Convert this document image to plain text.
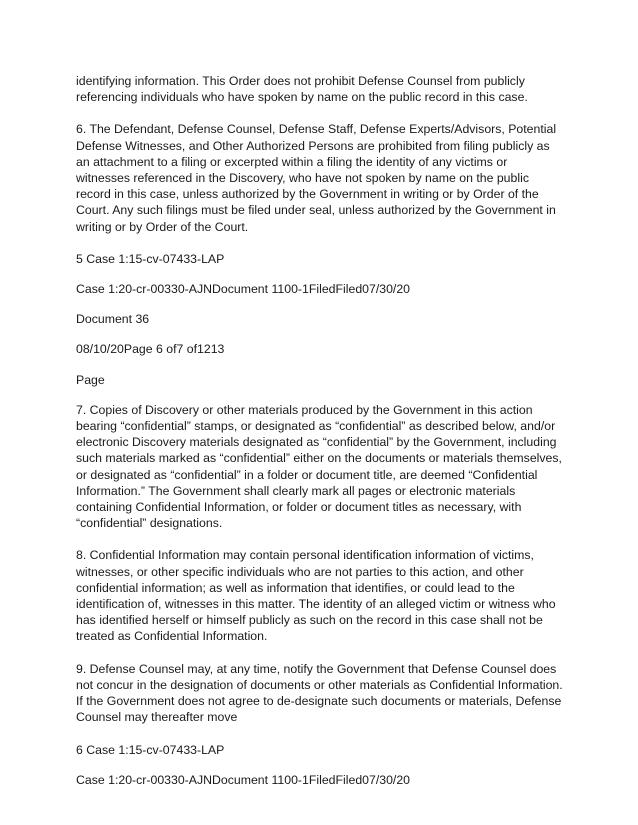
identifying information. This Order does not prohibit Defense Counsel from publicly referencing individuals who have spoken by name on the public record in this case.

6. The Defendant, Defense Counsel, Defense Staff, Defense Experts/Advisors, Potential Defense Witnesses, and Other Authorized Persons are prohibited from filing publicly as an attachment to a filing or excerpted within a filing the identity of any victims or witnesses referenced in the Discovery, who have not spoken by name on the public record in this case, unless authorized by the Government in writing or by Order of the Court. Any such filings must be filed under seal, unless authorized by the Government in writing or by Order of the Court.

5 Case 1:15-cv-07433-LAP

Case 1:20-cr-00330-AJNDocument 1100-1FiledFiled07/30/20

Document 36

08/10/20Page 6 of7 of1213

Page

7. Copies of Discovery or other materials produced by the Government in this action bearing “confidential” stamps, or designated as “confidential” as described below, and/or electronic Discovery materials designated as “confidential” by the Government, including such materials marked as “confidential” either on the documents or materials themselves, or designated as “confidential” in a folder or document title, are deemed “Confidential Information.” The Government shall clearly mark all pages or electronic materials containing Confidential Information, or folder or document titles as necessary, with “confidential” designations.

8. Confidential Information may contain personal identification information of victims, witnesses, or other specific individuals who are not parties to this action, and other confidential information; as well as information that identifies, or could lead to the identification of, witnesses in this matter. The identity of an alleged victim or witness who has identified herself or himself publicly as such on the record in this case shall not be treated as Confidential Information.

9. Defense Counsel may, at any time, notify the Government that Defense Counsel does not concur in the designation of documents or other materials as Confidential Information. If the Government does not agree to de-designate such documents or materials, Defense Counsel may thereafter move

6 Case 1:15-cv-07433-LAP

Case 1:20-cr-00330-AJNDocument 1100-1FiledFiled07/30/20
